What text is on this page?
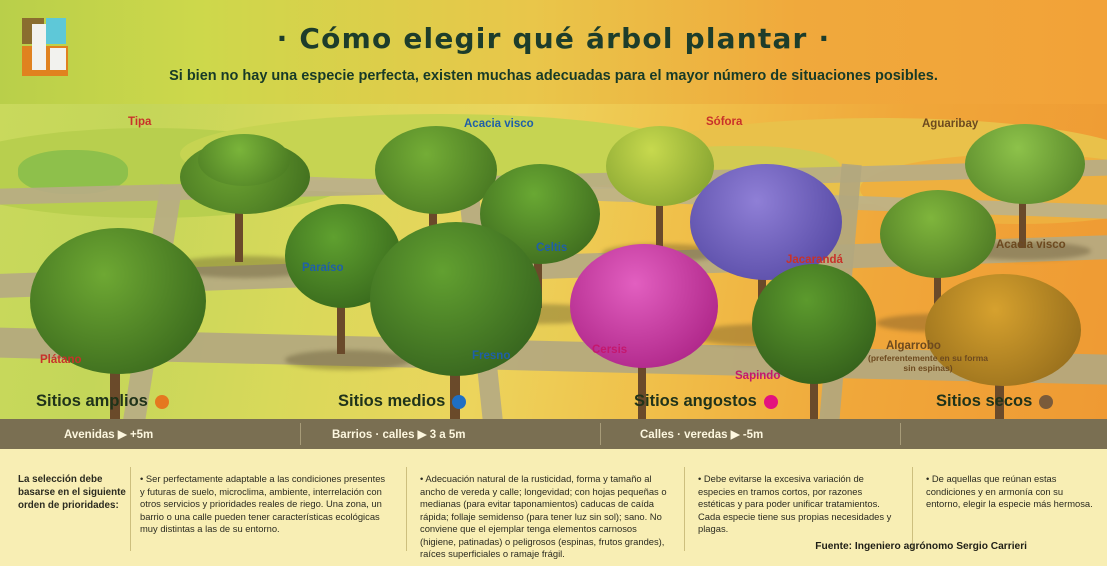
· Cómo elegir qué árbol plantar ·
Si bien no hay una especie perfecta, existen muchas adecuadas para el mayor número de situaciones posibles.
Tipa	Acacia visco	Sófora	Aguaribay
Paraíso
Celtis
Jacarandá
Acacia visco
Plátano	Fresno	Cersis
Sapindo
Algarrobo
(preferentemente en su forma sin espinas)
Sitios amplios	Sitios medios	Sitios angostos	Sitios secos
Avenidas ▶ +5m	Barrios · calles ▶ 3 a 5m	Calles · veredas ▶ -5m
La selección debe basarse en el siguiente orden de prioridades:
• Ser perfectamente adaptable a las condiciones presentes y futuras de suelo, microclima, ambiente, interrelación con otros servicios y prioridades reales de riego. Una zona, un barrio o una calle pueden tener características ecológicas muy distintas a las de su entorno.
• Adecuación natural de la rusticidad, forma y tamaño al ancho de vereda y calle; longevidad; con hojas pequeñas o medianas (para evitar taponamientos) caducas de caída rápida; follaje semidenso (para tener luz sin sol); sano. No conviene que el ejemplar tenga elementos carnosos (higiene, patinadas) o peligrosos (espinas, frutos grandes), raíces superficiales o ramaje frágil.
• Debe evitarse la excesiva variación de especies en tramos cortos, por razones estéticas y para poder unificar tratamientos. Cada especie tiene sus propias necesidades y plagas.
• De aquellas que reúnan estas condiciones y en armonía con su entorno, elegir la especie más hermosa.
Fuente: Ingeniero agrónomo Sergio Carrieri
